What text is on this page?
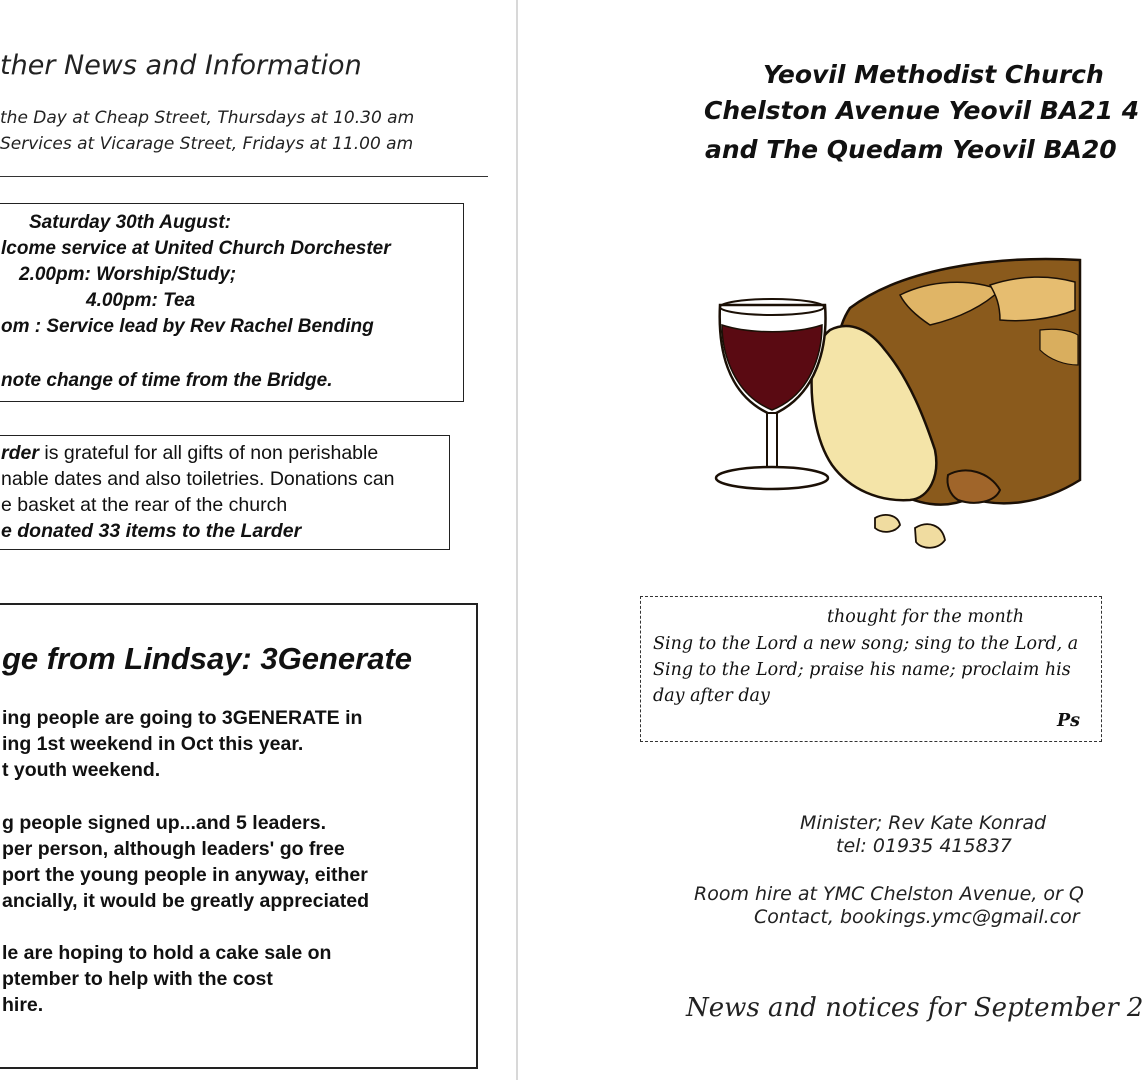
ther News and Information
the Day at Cheap Street, Thursdays at 10.30 am
Services at Vicarage Street, Fridays at 11.00 am
Saturday 30th August:
lcome service at United Church Dorchester
2.00pm: Worship/Study;
4.00pm: Tea
om : Service lead by Rev Rachel Bending
note change of time from the Bridge.
rder is grateful for all gifts of non perishable
nable dates and also toiletries. Donations can
e basket at the rear of the church
e donated 33 items to the Larder
ge from Lindsay: 3Generate
ing people are going to 3GENERATE in
ing 1st weekend in Oct this year.
t youth weekend.
g people signed up...and 5 leaders.
per person, although leaders' go free
port the young people in anyway, either
ancially, it would be greatly appreciated
le are hoping to hold a cake sale on
ptember to help with the cost
hire.
Yeovil Methodist Church
Chelston Avenue Yeovil BA21 4
and The Quedam Yeovil BA20
thought for the month
Sing to the Lord a new song; sing to the Lord, a
Sing to the Lord; praise his name; proclaim his
day after day
Ps
Minister; Rev Kate Konrad
tel: 01935 415837
Room hire at YMC Chelston Avenue, or Q
Contact, bookings.ymc@gmail.cor
News and notices for September 2
